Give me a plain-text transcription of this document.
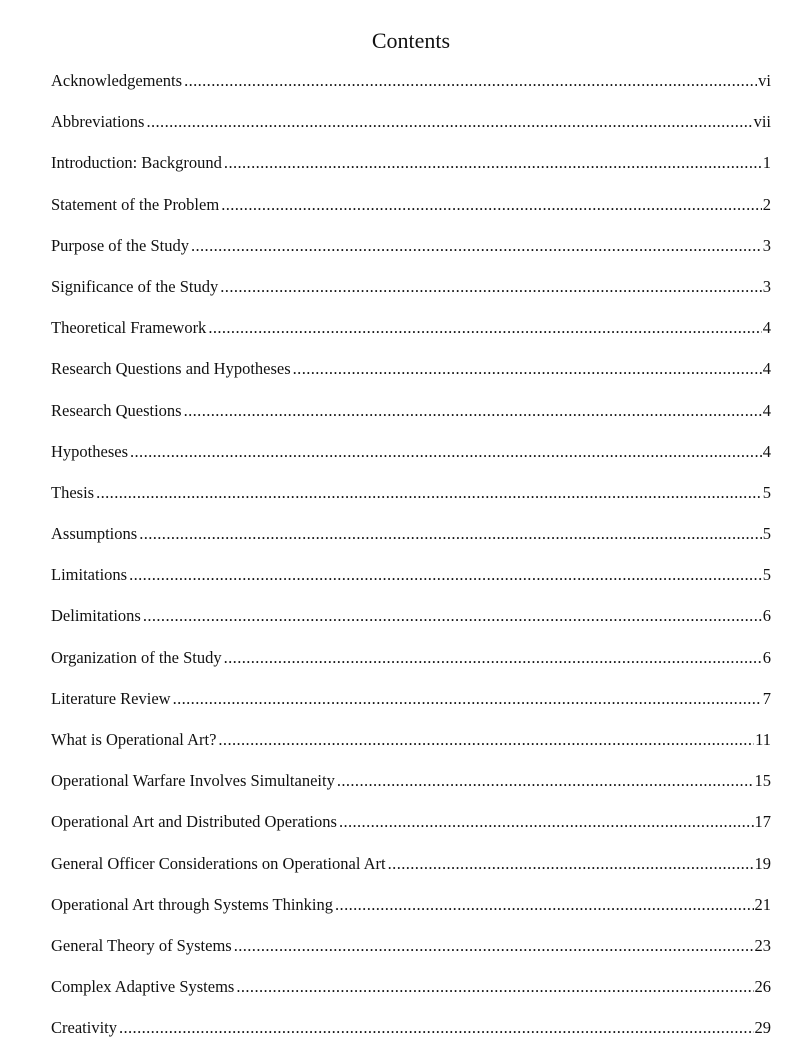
Contents
Acknowledgements .....	vi
Abbreviations .....	vii
Introduction: Background .....	1
Statement of the Problem .....	2
Purpose of the Study .....	3
Significance of the Study .....	3
Theoretical Framework .....	4
Research Questions and Hypotheses .....	4
Research Questions .....	4
Hypotheses .....	4
Thesis .....	5
Assumptions .....	5
Limitations .....	5
Delimitations .....	6
Organization of the Study .....	6
Literature Review .....	7
What is Operational Art? .....	11
Operational Warfare Involves Simultaneity .....	15
Operational Art and Distributed Operations .....	17
General Officer Considerations on Operational Art .....	19
Operational Art through Systems Thinking .....	21
General Theory of Systems .....	23
Complex Adaptive Systems .....	26
Creativity .....	29
